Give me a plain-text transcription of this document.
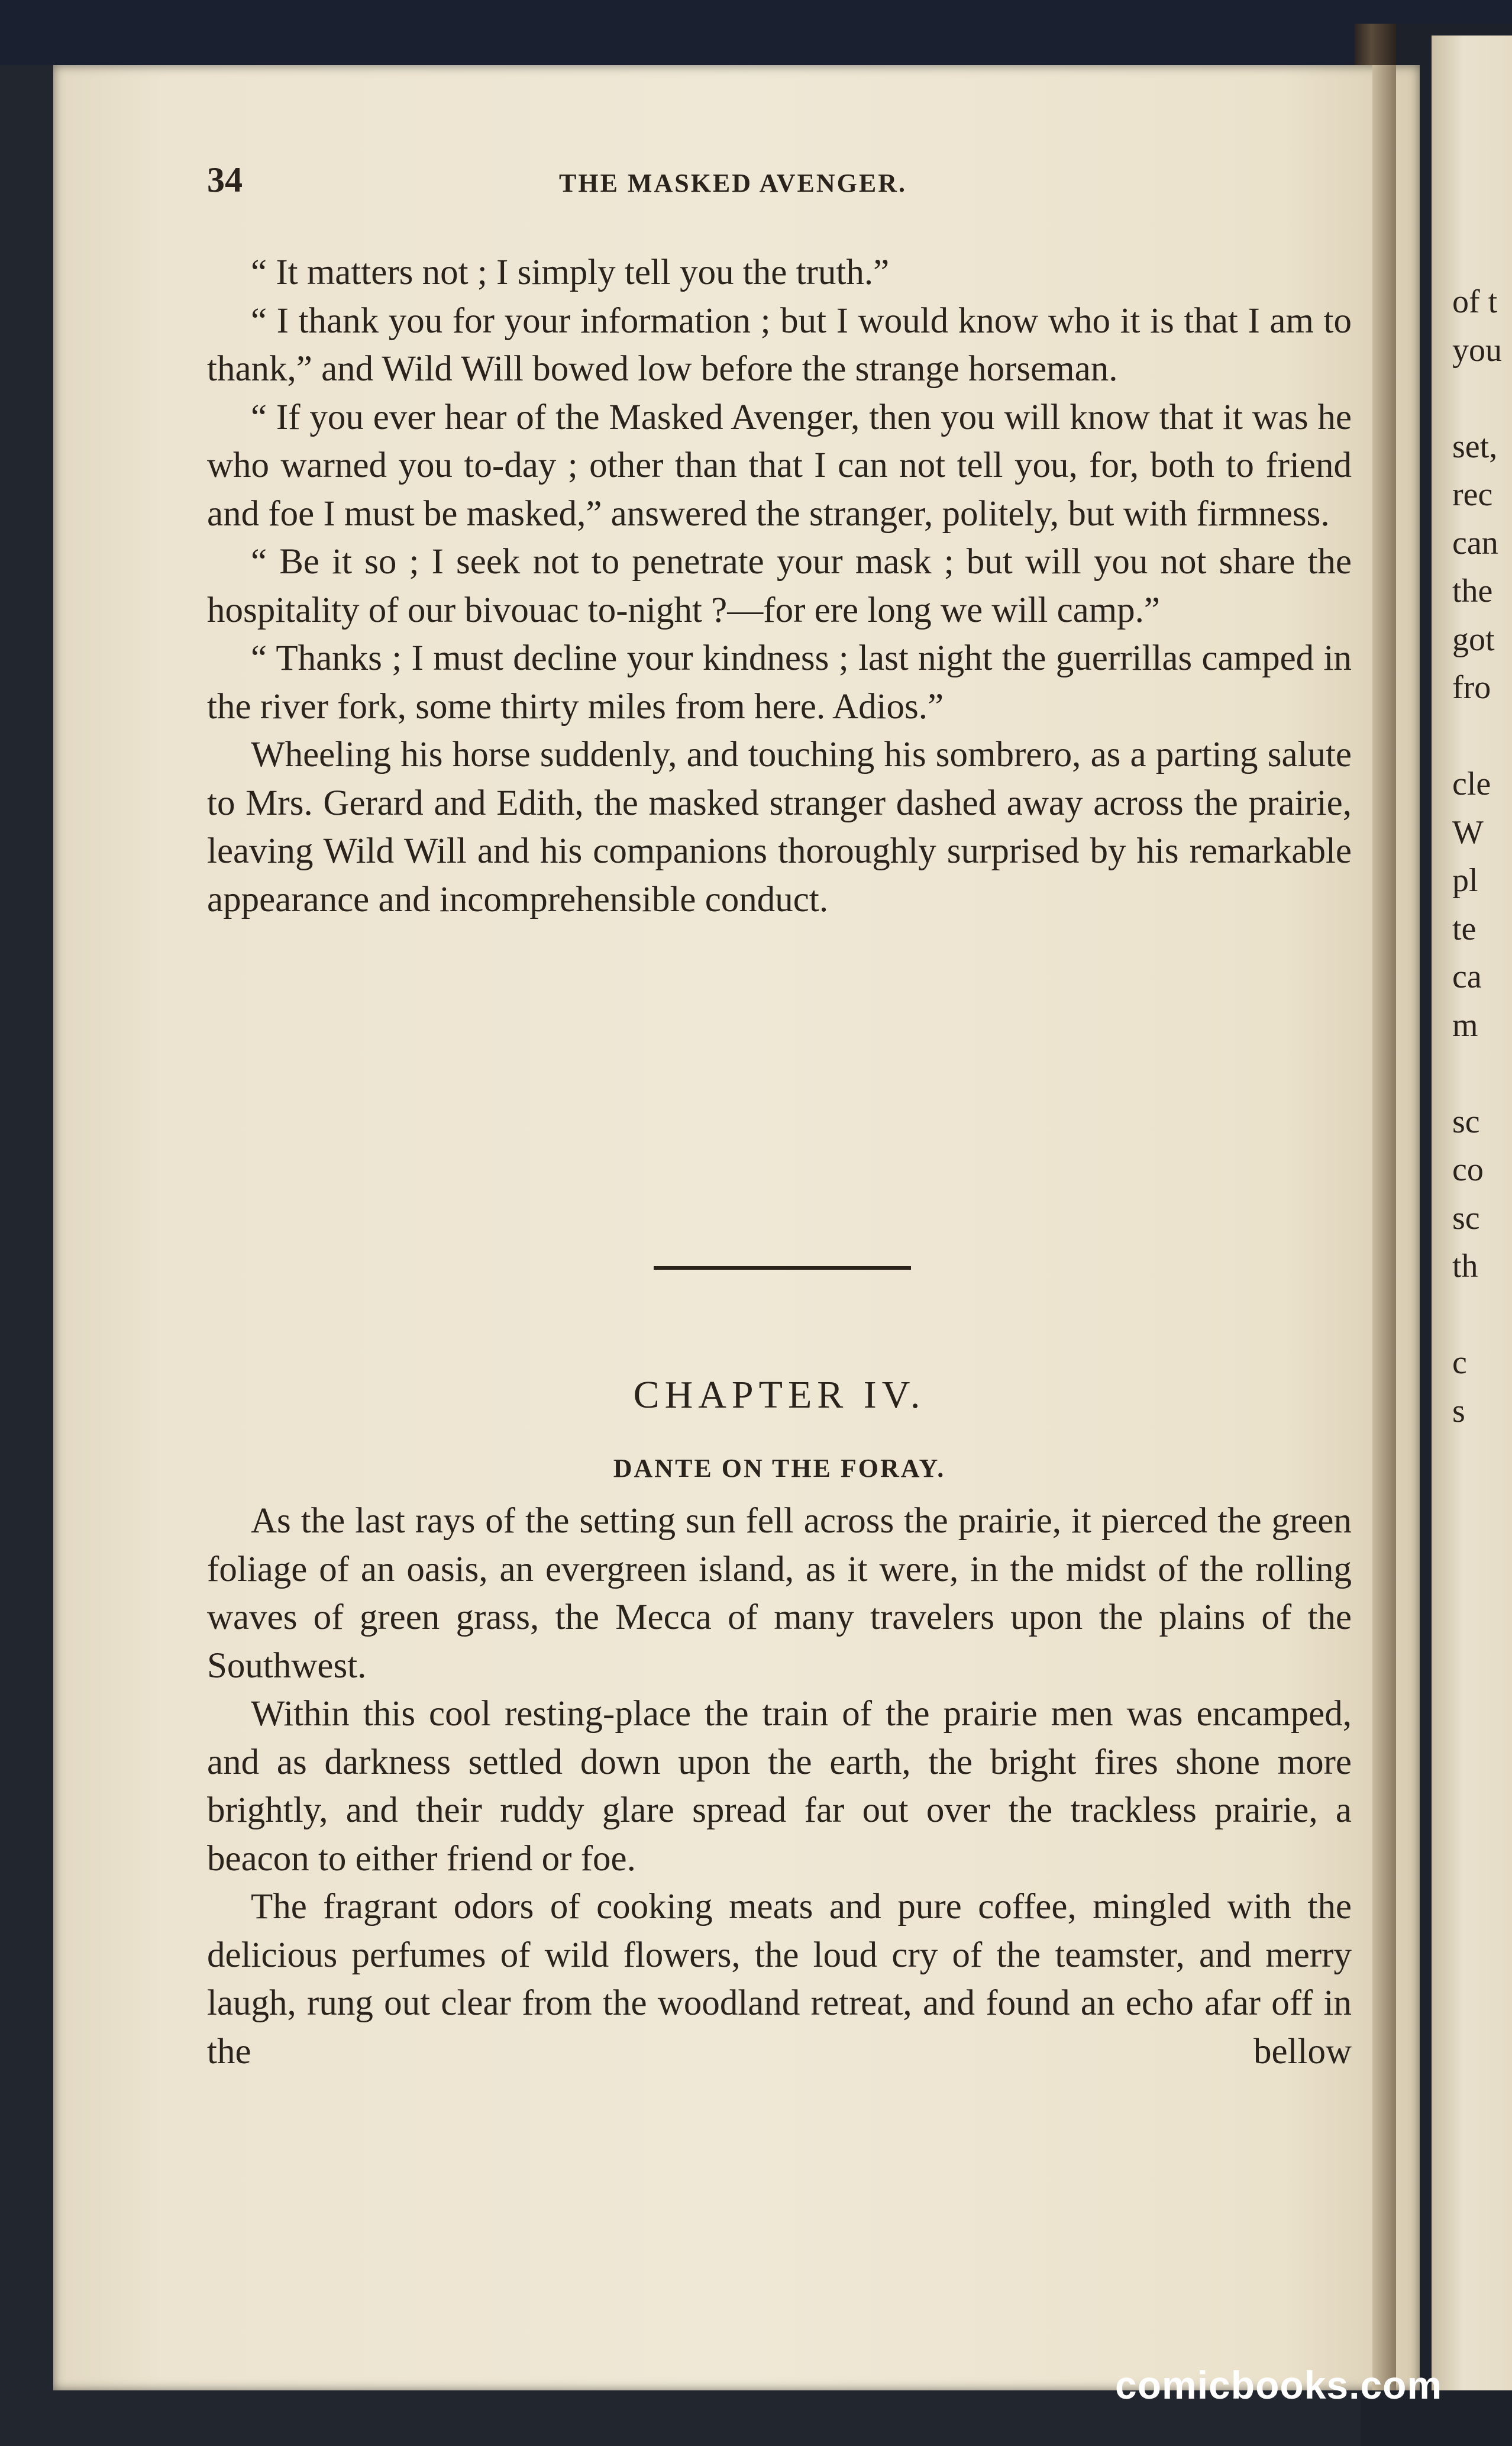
of t
you

set,
rec
can
the
got
fro

cle
W
pl
te
ca
m

sc
co
sc
th

c
s

34	THE MASKED AVENGER.

“ It matters not ; I simply tell you the truth.”

“ I thank you for your information ; but I would know who it is that I am to thank,” and Wild Will bowed low before the strange horseman.

“ If you ever hear of the Masked Avenger, then you will know that it was he who warned you to-day ; other than that I can not tell you, for, both to friend and foe I must be masked,” answered the stranger, politely, but with firmness.

“ Be it so ; I seek not to penetrate your mask ; but will you not share the hospitality of our bivouac to-night ?—for ere long we will camp.”

“ Thanks ; I must decline your kindness ; last night the guerrillas camped in the river fork, some thirty miles from here. Adios.”

Wheeling his horse suddenly, and touching his sombrero, as a parting salute to Mrs. Gerard and Edith, the masked stranger dashed away across the prairie, leaving Wild Will and his companions thoroughly surprised by his remarkable appearance and incomprehensible conduct.

CHAPTER IV.
DANTE ON THE FORAY.

As the last rays of the setting sun fell across the prairie, it pierced the green foliage of an oasis, an evergreen island, as it were, in the midst of the rolling waves of green grass, the Mecca of many travelers upon the plains of the Southwest.

Within this cool resting-place the train of the prairie men was encamped, and as darkness settled down upon the earth, the bright fires shone more brightly, and their ruddy glare spread far out over the trackless prairie, a beacon to either friend or foe.

The fragrant odors of cooking meats and pure coffee, mingled with the delicious perfumes of wild flowers, the loud cry of the teamster, and merry laugh, rung out clear from the woodland retreat, and found an echo afar off in the bellow

comicbooks.com
